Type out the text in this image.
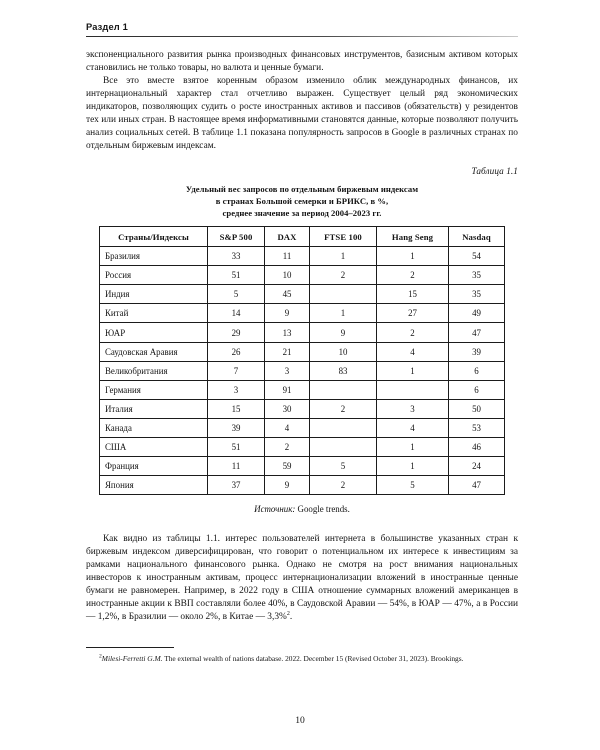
Раздел 1

экспоненциального развития рынка производных финансовых инструментов, базисным активом которых становились не только товары, но валюта и ценные бумаги.

Все это вместе взятое коренным образом изменило облик международных финансов, их интернациональный характер стал отчетливо выражен. Существует целый ряд экономических индикаторов, позволяющих судить о росте иностранных активов и пассивов (обязательств) у резидентов тех или иных стран. В настоящее время информативными становятся данные, которые позволяют получить анализ социальных сетей. В таблице 1.1 показана популярность запросов в Google в различных странах по отдельным биржевым индексам.

Таблица 1.1
Удельный вес запросов по отдельным биржевым индексам
в странах Большой семерки и БРИКС, в %,
среднее значение за период 2004–2023 гг.
Страны/Индексы	S&P 500	DAX	FTSE 100	Hang Seng	Nasdaq
Бразилия	33	11	1	1	54
Россия	51	10	2	2	35
Индия	5	45		15	35
Китай	14	9	1	27	49
ЮАР	29	13	9	2	47
Саудовская Аравия	26	21	10	4	39
Великобритания	7	3	83	1	6
Германия	3	91			6
Италия	15	30	2	3	50
Канада	39	4		4	53
США	51	2		1	46
Франция	11	59	5	1	24
Япония	37	9	2	5	47
Источник: Google trends.

Как видно из таблицы 1.1. интерес пользователей интернета в большинстве указанных стран к биржевым индексом диверсифицирован, что говорит о потенциальном их интересе к инвестициям за рамками национального финансового рынка. Однако не смотря на рост внимания национальных инвесторов к иностранным активам, процесс интернационализации вложений в иностранные ценные бумаги не равномерен. Например, в 2022 году в США отношение суммарных вложений американцев в иностранные акции к ВВП составляли более 40%, в Саудовской Аравии — 54%, в ЮАР — 47%, а в России — 1,2%, в Бразилии — около 2%, в Китае — 3,3%$^2$.

$^2$Milesi-Ferretti G.M. The external wealth of nations database. 2022. December 15 (Revised October 31, 2023). Brookings.

10
